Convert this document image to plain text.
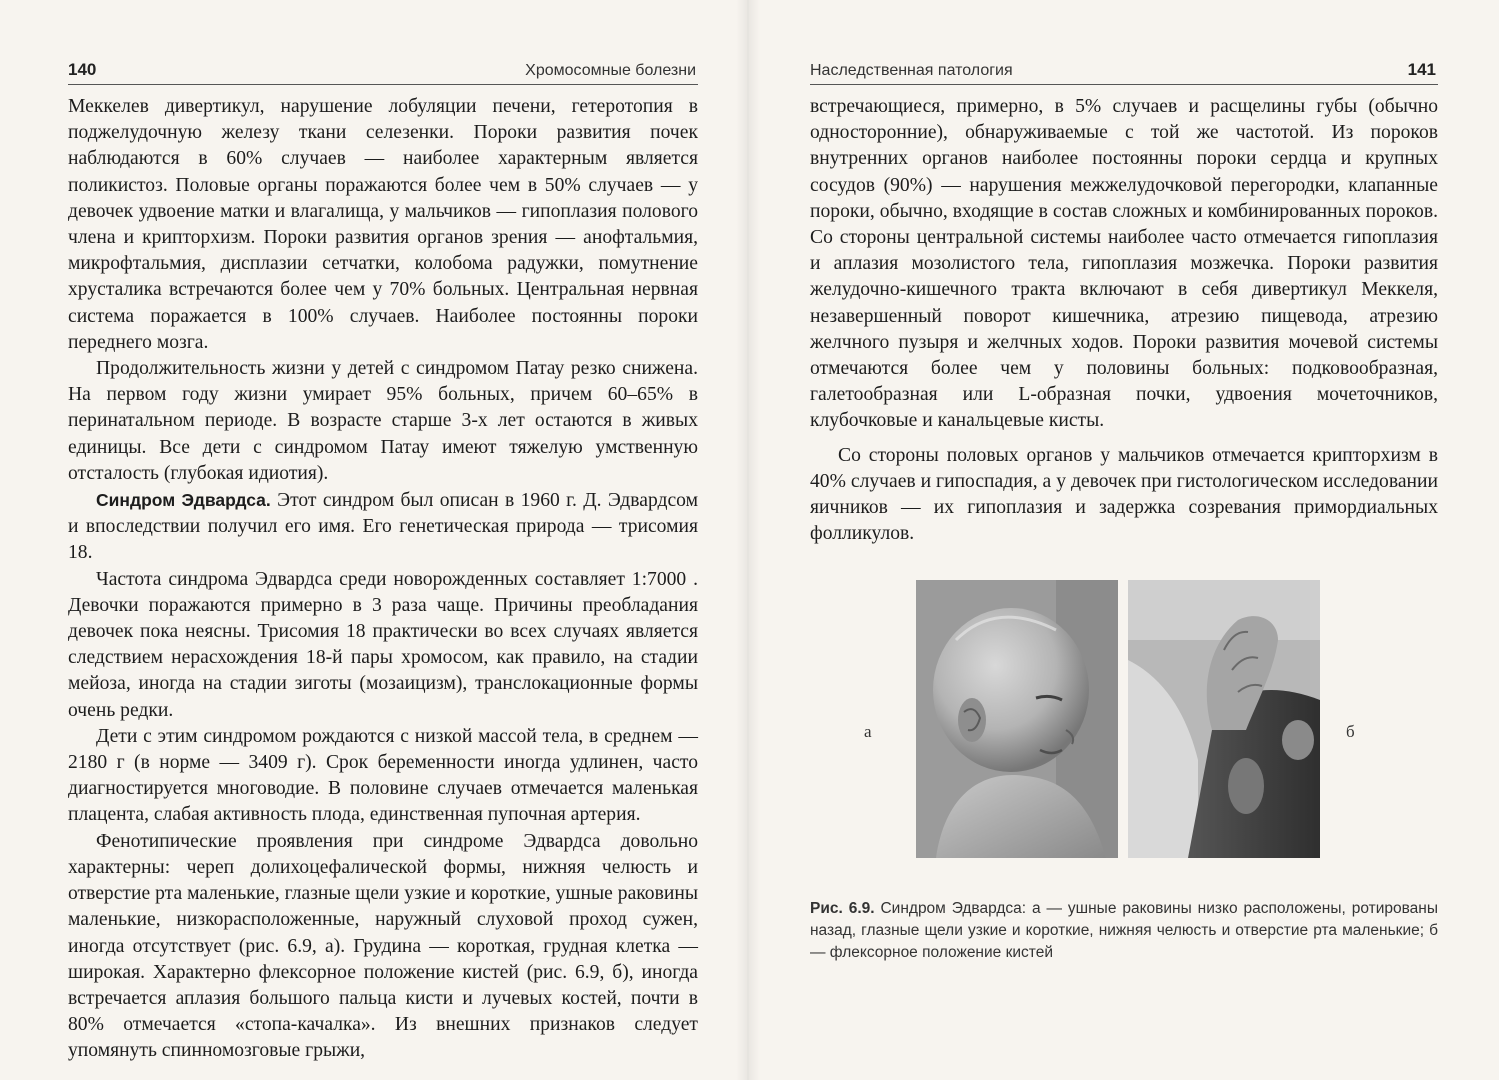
140	Хромосомные болезни

Меккелев дивертикул, нарушение лобуляции печени, гетеротопия в поджелудочную железу ткани селезенки. Пороки развития почек наблюдаются в 60% случаев — наиболее характерным является поликистоз. Половые органы поражаются более чем в 50% случаев — у девочек удвоение матки и влагалища, у мальчиков — гипоплазия полового члена и крипторхизм. Пороки развития органов зрения — анофтальмия, микрофтальмия, дисплазии сетчатки, колобома радужки, помутнение хрусталика встречаются более чем у 70% больных. Центральная нервная система поражается в 100% случаев. Наиболее постоянны пороки переднего мозга.

Продолжительность жизни у детей с синдромом Патау резко снижена. На первом году жизни умирает 95% больных, причем 60–65% в перинатальном периоде. В возрасте старше 3-х лет остаются в живых единицы. Все дети с синдромом Патау имеют тяжелую умственную отсталость (глубокая идиотия).

Синдром Эдвардса. Этот синдром был описан в 1960 г. Д. Эдвардсом и впоследствии получил его имя. Его генетическая природа — трисомия 18.

Частота синдрома Эдвардса среди новорожденных составляет 1:7000 . Девочки поражаются примерно в 3 раза чаще. Причины преобладания девочек пока неясны. Трисомия 18 практически во всех случаях является следствием нерасхождения 18-й пары хромосом, как правило, на стадии мейоза, иногда на стадии зиготы (мозаицизм), транслокационные формы очень редки.

Дети с этим синдромом рождаются с низкой массой тела, в среднем — 2180 г (в норме — 3409 г). Срок беременности иногда удлинен, часто диагностируется многоводие. В половине случаев отмечается маленькая плацента, слабая активность плода, единственная пупочная артерия.

Фенотипические проявления при синдроме Эдвардса довольно характерны: череп долихоцефалической формы, нижняя челюсть и отверстие рта маленькие, глазные щели узкие и короткие, ушные раковины маленькие, низкорасположенные, наружный слуховой проход сужен, иногда отсутствует (рис. 6.9, а). Грудина — короткая, грудная клетка — широкая. Характерно флексорное положение кистей (рис. 6.9, б), иногда встречается аплазия большого пальца кисти и лучевых костей, почти в 80% отмечается «стопа-качалка». Из внешних признаков следует упомянуть спинномозговые грыжи,

Наследственная патология	141

встречающиеся, примерно, в 5% случаев и расщелины губы (обычно односторонние), обнаруживаемые с той же частотой. Из пороков внутренних органов наиболее постоянны пороки сердца и крупных сосудов (90%) — нарушения межжелудочковой перегородки, клапанные пороки, обычно, входящие в состав сложных и комбинированных пороков. Со стороны центральной системы наиболее часто отмечается гипоплазия и аплазия мозолистого тела, гипоплазия мозжечка. Пороки развития желудочно-кишечного тракта включают в себя дивертикул Меккеля, незавершенный поворот кишечника, атрезию пищевода, атрезию желчного пузыря и желчных ходов. Пороки развития мочевой системы отмечаются более чем у половины больных: подковообразная, галетообразная или L-образная почки, удвоения мочеточников, клубочковые и канальцевые кисты.

Со стороны половых органов у мальчиков отмечается крипторхизм в 40% случаев и гипоспадия, а у девочек при гистологическом исследовании яичников — их гипоплазия и задержка созревания примордиальных фолликулов.

а	б
Рис. 6.9. Синдром Эдвардса: а — ушные раковины низко расположены, ротированы назад, глазные щели узкие и короткие, нижняя челюсть и отверстие рта маленькие; б — флексорное положение кистей
